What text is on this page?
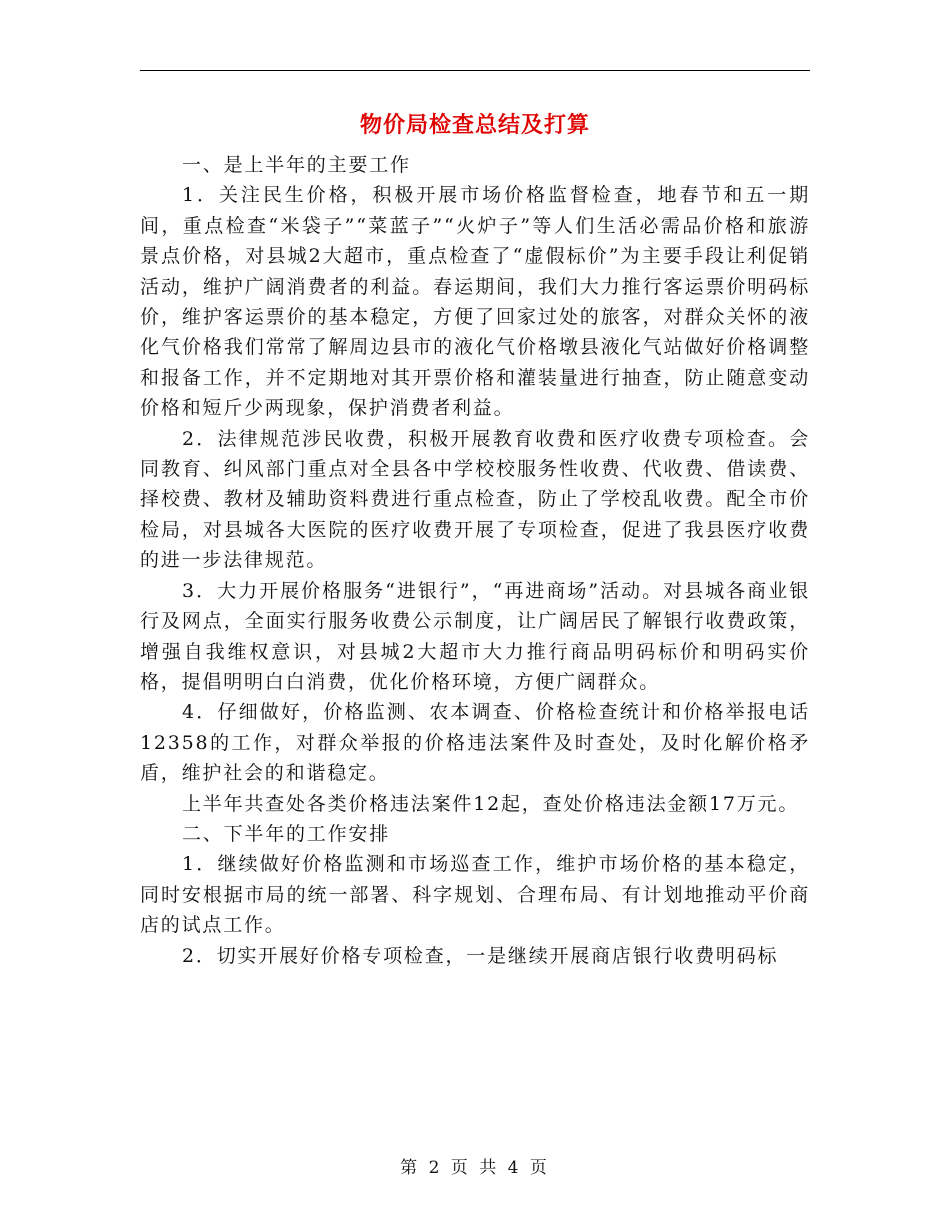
物价局检查总结及打算

一、是上半年的主要工作

1．关注民生价格，积极开展市场价格监督检查，地春节和五一期间，重点检查“米袋子”“菜蓝子”“火炉子”等人们生活必需品价格和旅游景点价格，对县城2大超市，重点检查了“虚假标价”为主要手段让利促销活动，维护广阔消费者的利益。春运期间，我们大力推行客运票价明码标价，维护客运票价的基本稳定，方便了回家过处的旅客，对群众关怀的液化气价格我们常常了解周边县市的液化气价格墩县液化气站做好价格调整和报备工作，并不定期地对其开票价格和灌装量进行抽查，防止随意变动价格和短斤少两现象，保护消费者利益。

2．法律规范涉民收费，积极开展教育收费和医疗收费专项检查。会同教育、纠风部门重点对全县各中学校校服务性收费、代收费、借读费、择校费、教材及辅助资料费进行重点检查，防止了学校乱收费。配全市价检局，对县城各大医院的医疗收费开展了专项检查，促进了我县医疗收费的进一步法律规范。

3．大力开展价格服务“进银行”，“再进商场”活动。对县城各商业银行及网点，全面实行服务收费公示制度，让广阔居民了解银行收费政策，增强自我维权意识，对县城2大超市大力推行商品明码标价和明码实价格，提倡明明白白消费，优化价格环境，方便广阔群众。

4．仔细做好，价格监测、农本调查、价格检查统计和价格举报电话12358的工作，对群众举报的价格违法案件及时查处，及时化解价格矛盾，维护社会的和谐稳定。

上半年共查处各类价格违法案件12起，查处价格违法金额17万元。

二、下半年的工作安排

1．继续做好价格监测和市场巡查工作，维护市场价格的基本稳定，同时安根据市局的统一部署、科字规划、合理布局、有计划地推动平价商店的试点工作。

2．切实开展好价格专项检查，一是继续开展商店银行收费明码标

第 2 页 共 4 页
